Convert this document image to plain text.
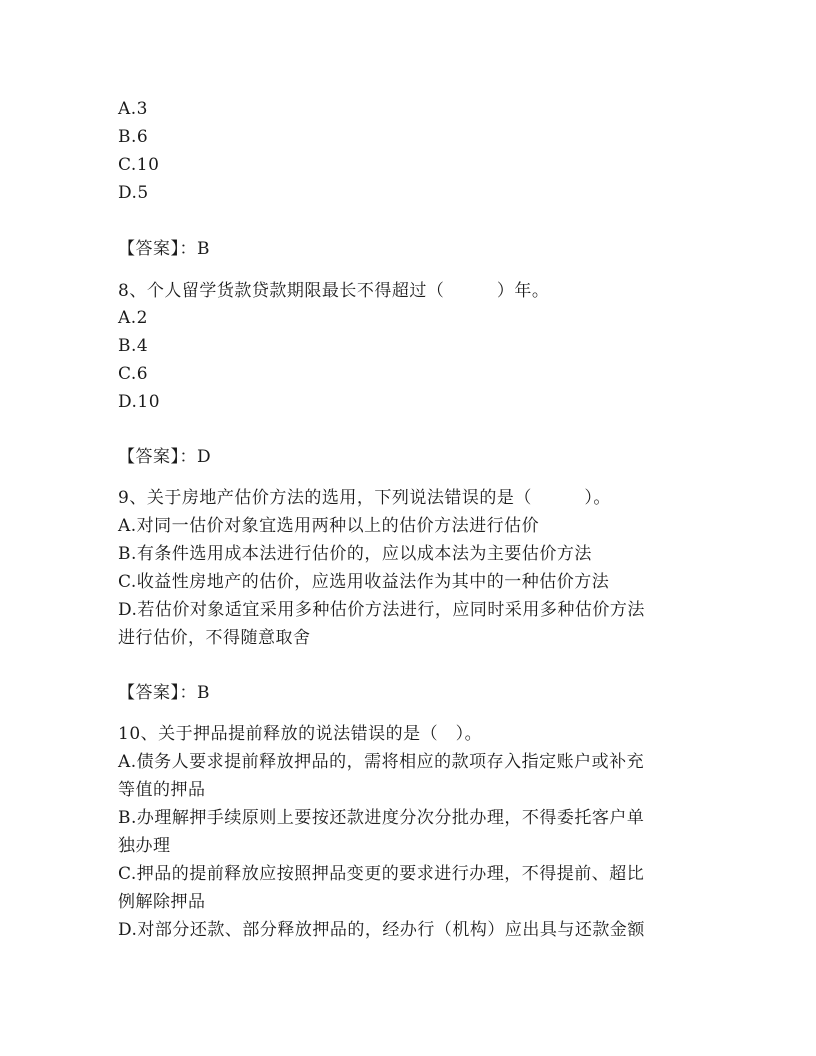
A.3
B.6
C.10
D.5
【答案】：B
8、个人留学货款贷款期限最长不得超过（　　　）年。
A.2
B.4
C.6
D.10
【答案】：D
9、关于房地产估价方法的选用，下列说法错误的是（　　　）。
A.对同一估价对象宜选用两种以上的估价方法进行估价
B.有条件选用成本法进行估价的，应以成本法为主要估价方法
C.收益性房地产的估价，应选用收益法作为其中的一种估价方法
D.若估价对象适宜采用多种估价方法进行，应同时采用多种估价方法
进行估价，不得随意取舍
【答案】：B
10、关于押品提前释放的说法错误的是（　）。
A.债务人要求提前释放押品的，需将相应的款项存入指定账户或补充
等值的押品
B.办理解押手续原则上要按还款进度分次分批办理，不得委托客户单
独办理
C.押品的提前释放应按照押品变更的要求进行办理，不得提前、超比
例解除押品
D.对部分还款、部分释放押品的，经办行（机构）应出具与还款金额
